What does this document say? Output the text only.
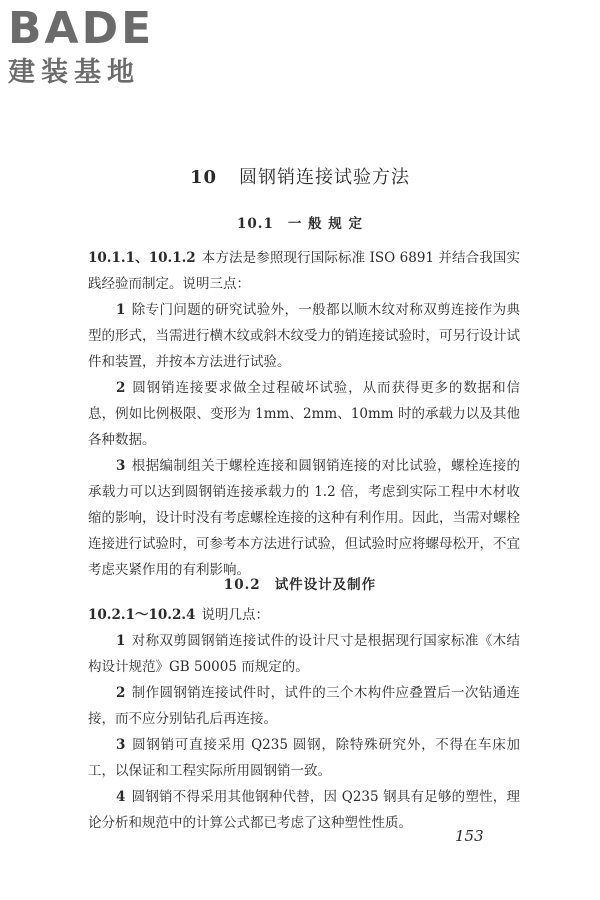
BADE
建装基地
10 圆钢销连接试验方法
10.1 一 般 规 定

10.1.1、10.1.2 本方法是参照现行国际标准 ISO 6891 并结合我国实践经验而制定。说明三点：

1 除专门问题的研究试验外，一般都以顺木纹对称双剪连接作为典型的形式，当需进行横木纹或斜木纹受力的销连接试验时，可另行设计试件和装置，并按本方法进行试验。

2 圆钢销连接要求做全过程破坏试验，从而获得更多的数据和信息，例如比例极限、变形为 1mm、2mm、10mm 时的承载力以及其他各种数据。

3 根据编制组关于螺栓连接和圆钢销连接的对比试验，螺栓连接的承载力可以达到圆钢销连接承载力的 1.2 倍，考虑到实际工程中木材收缩的影响，设计时没有考虑螺栓连接的这种有利作用。因此，当需对螺栓连接进行试验时，可参考本方法进行试验，但试验时应将螺母松开，不宜考虑夹紧作用的有利影响。

10.2 试件设计及制作

10.2.1～10.2.4 说明几点：

1 对称双剪圆钢销连接试件的设计尺寸是根据现行国家标准《木结构设计规范》GB 50005 而规定的。

2 制作圆钢销连接试件时，试件的三个木构件应叠置后一次钻通连接，而不应分别钻孔后再连接。

3 圆钢销可直接采用 Q235 圆钢，除特殊研究外，不得在车床加工，以保证和工程实际所用圆钢销一致。

4 圆钢销不得采用其他钢种代替，因 Q235 钢具有足够的塑性，理论分析和规范中的计算公式都已考虑了这种塑性性质。

153
